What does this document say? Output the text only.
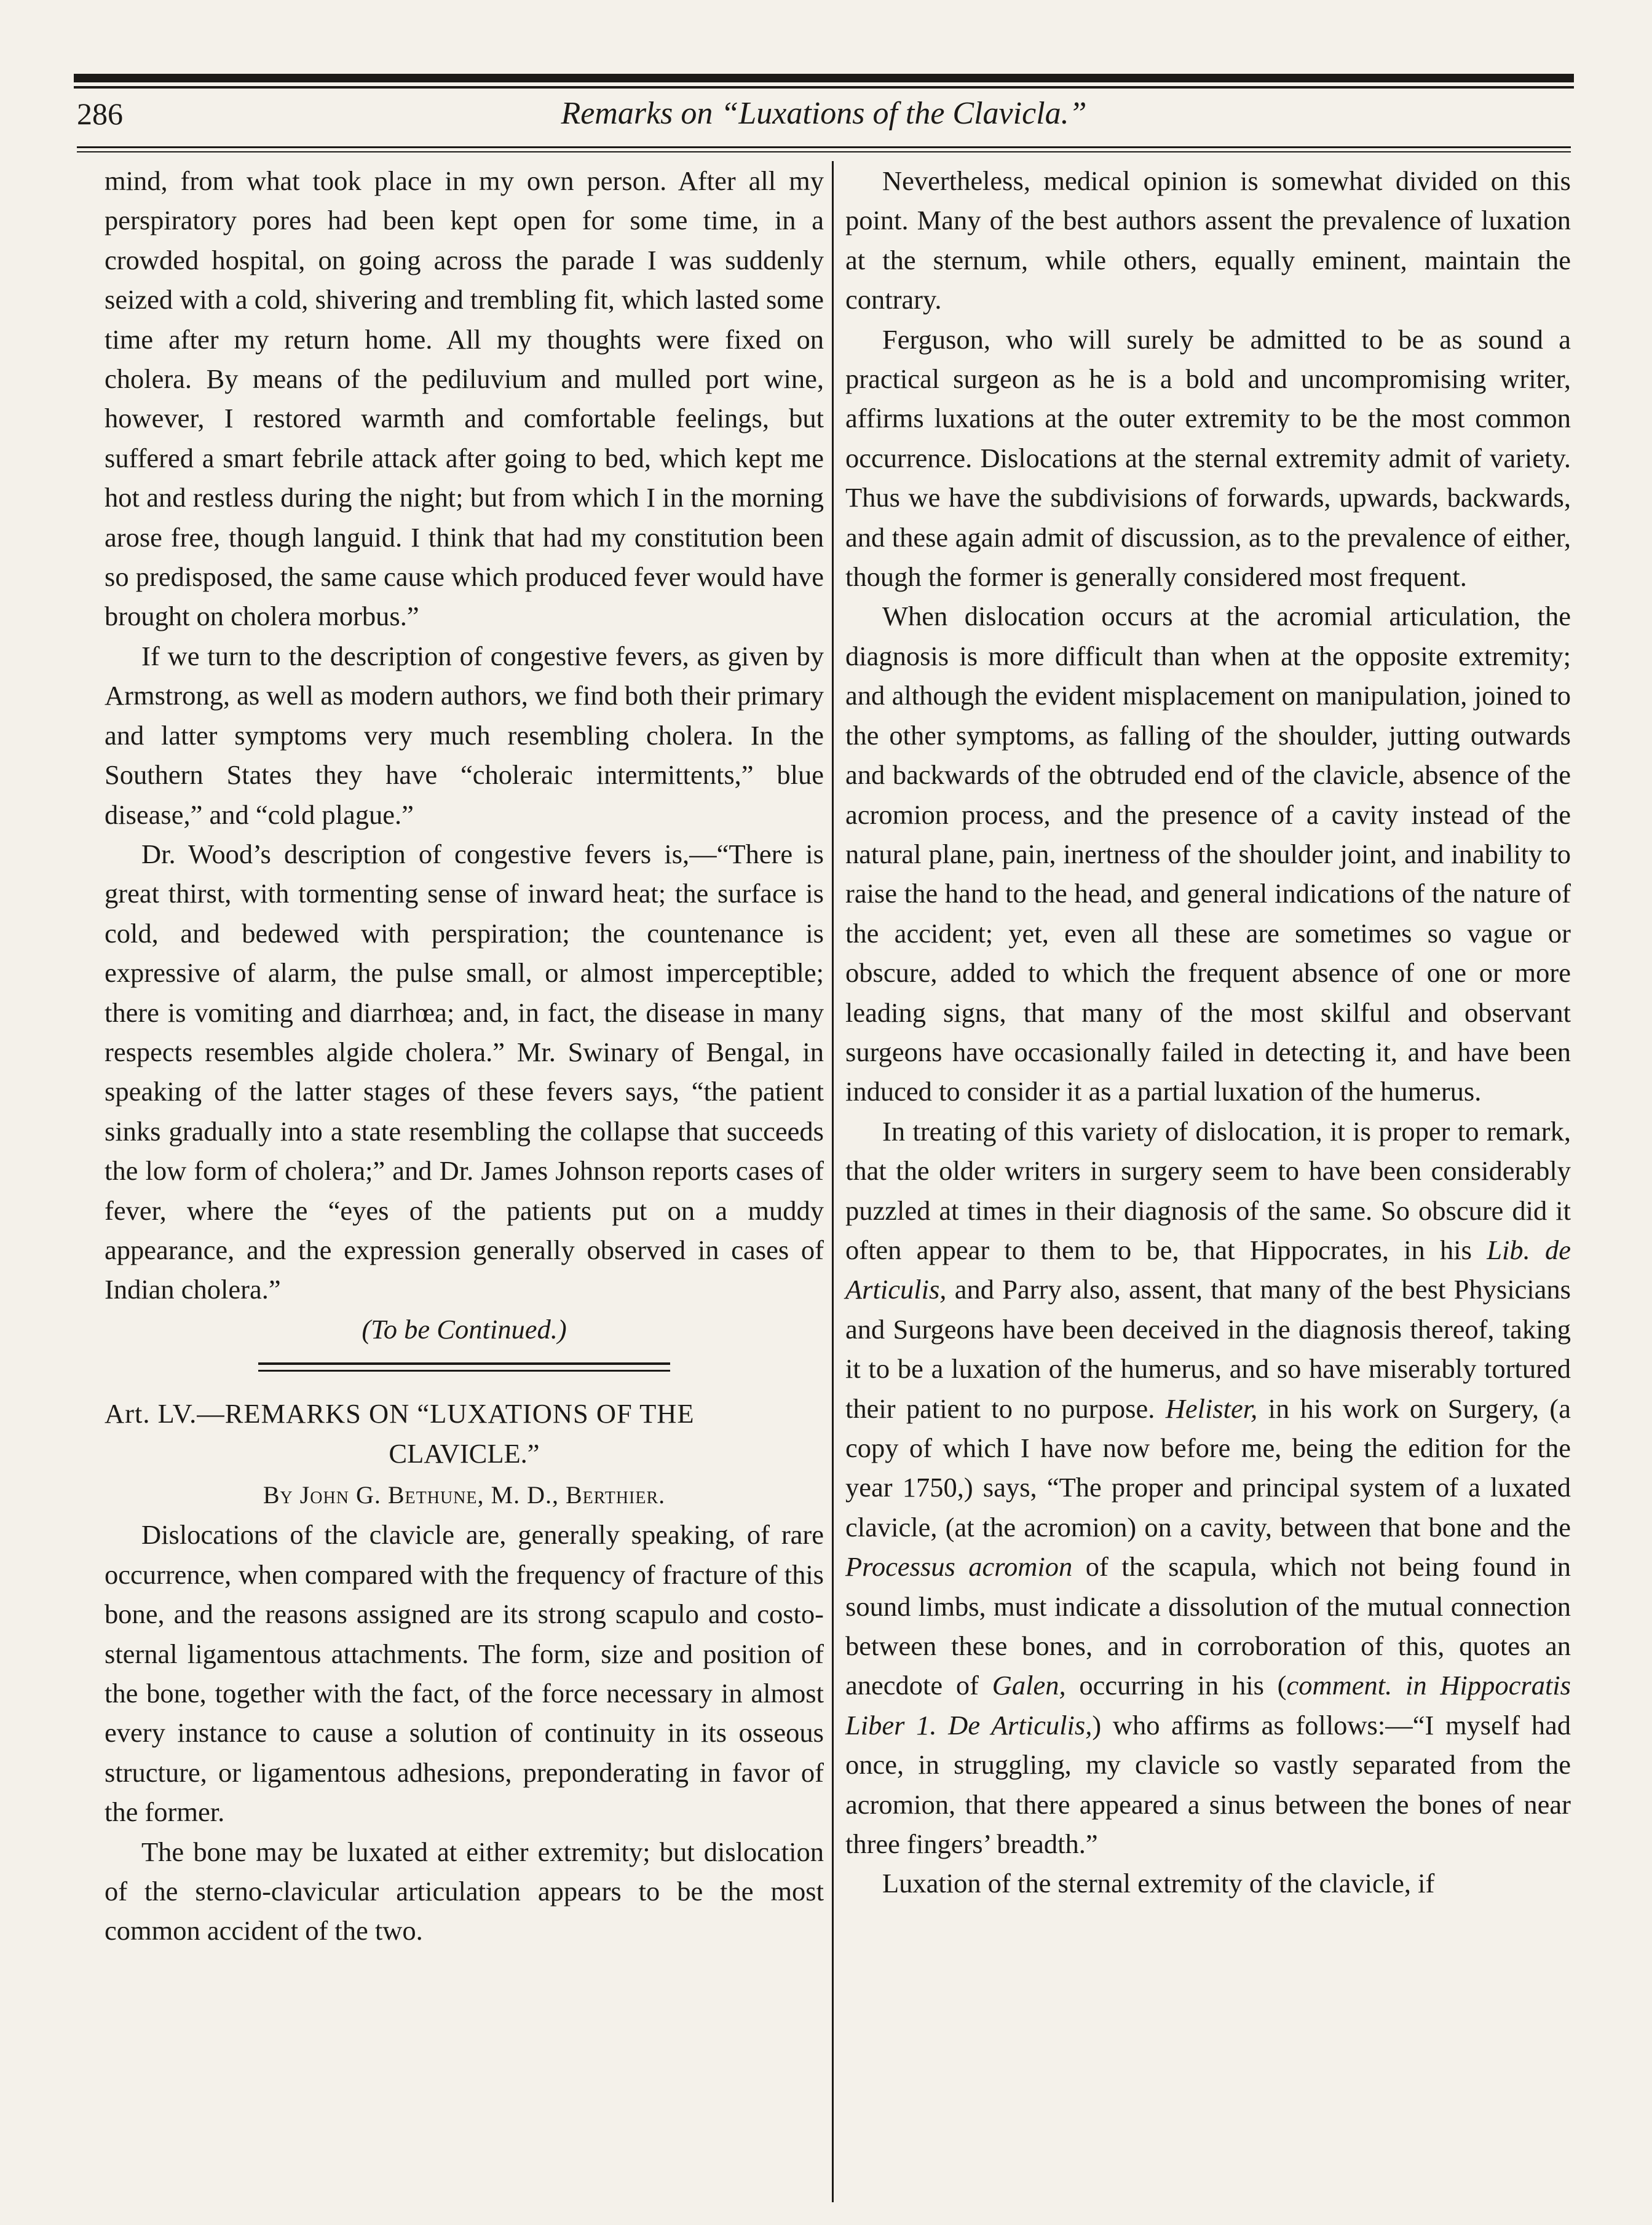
286	Remarks on “Luxations of the Clavicla.”

mind, from what took place in my own person. After all my perspiratory pores had been kept open for some time, in a crowded hospital, on going across the parade I was suddenly seized with a cold, shivering and trembling fit, which lasted some time after my return home. All my thoughts were fixed on cholera. By means of the pediluvium and mulled port wine, however, I restored warmth and comfortable feelings, but suffered a smart febrile attack after going to bed, which kept me hot and restless during the night; but from which I in the morning arose free, though languid. I think that had my constitution been so predisposed, the same cause which produced fever would have brought on cholera morbus.”

If we turn to the description of congestive fevers, as given by Armstrong, as well as modern authors, we find both their primary and latter symptoms very much resembling cholera. In the Southern States they have “choleraic intermittents,” blue disease,” and “cold plague.”

Dr. Wood’s description of congestive fevers is,—“There is great thirst, with tormenting sense of inward heat; the surface is cold, and bedewed with perspiration; the countenance is expressive of alarm, the pulse small, or almost imperceptible; there is vomiting and diarrhœa; and, in fact, the disease in many respects resembles algide cholera.” Mr. Swinary of Bengal, in speaking of the latter stages of these fevers says, “the patient sinks gradually into a state resembling the collapse that succeeds the low form of cholera;” and Dr. James Johnson reports cases of fever, where the “eyes of the patients put on a muddy appearance, and the expression generally observed in cases of Indian cholera.”

(To be Continued.)

Art. LV.—REMARKS ON “LUXATIONS OF THE

CLAVICLE.”

By John G. Bethune, M. D., Berthier.

Dislocations of the clavicle are, generally speaking, of rare occurrence, when compared with the frequency of fracture of this bone, and the reasons assigned are its strong scapulo and costo-sternal ligamentous attachments. The form, size and position of the bone, together with the fact, of the force necessary in almost every instance to cause a solution of continuity in its osseous structure, or ligamentous adhesions, preponderating in favor of the former.

The bone may be luxated at either extremity; but dislocation of the sterno-clavicular articulation appears to be the most common accident of the two.

Nevertheless, medical opinion is somewhat divided on this point. Many of the best authors assent the prevalence of luxation at the sternum, while others, equally eminent, maintain the contrary.

Ferguson, who will surely be admitted to be as sound a practical surgeon as he is a bold and uncompromising writer, affirms luxations at the outer extremity to be the most common occurrence. Dislocations at the sternal extremity admit of variety. Thus we have the subdivisions of forwards, upwards, backwards, and these again admit of discussion, as to the prevalence of either, though the former is generally considered most frequent.

When dislocation occurs at the acromial articulation, the diagnosis is more difficult than when at the opposite extremity; and although the evident misplacement on manipulation, joined to the other symptoms, as falling of the shoulder, jutting outwards and backwards of the obtruded end of the clavicle, absence of the acromion process, and the presence of a cavity instead of the natural plane, pain, inertness of the shoulder joint, and inability to raise the hand to the head, and general indications of the nature of the accident; yet, even all these are sometimes so vague or obscure, added to which the frequent absence of one or more leading signs, that many of the most skilful and observant surgeons have occasionally failed in detecting it, and have been induced to consider it as a partial luxation of the humerus.

In treating of this variety of dislocation, it is proper to remark, that the older writers in surgery seem to have been considerably puzzled at times in their diagnosis of the same. So obscure did it often appear to them to be, that Hippocrates, in his Lib. de Articulis, and Parry also, assent, that many of the best Physicians and Surgeons have been deceived in the diagnosis thereof, taking it to be a luxation of the humerus, and so have miserably tortured their patient to no purpose. Helister, in his work on Surgery, (a copy of which I have now before me, being the edition for the year 1750,) says, “The proper and principal system of a luxated clavicle, (at the acromion) on a cavity, between that bone and the Processus acromion of the scapula, which not being found in sound limbs, must indicate a dissolution of the mutual connection between these bones, and in corroboration of this, quotes an anecdote of Galen, occurring in his (comment. in Hippocratis Liber 1. De Articulis,) who affirms as follows:—“I myself had once, in struggling, my clavicle so vastly separated from the acromion, that there appeared a sinus between the bones of near three fingers’ breadth.”

Luxation of the sternal extremity of the clavicle, if
